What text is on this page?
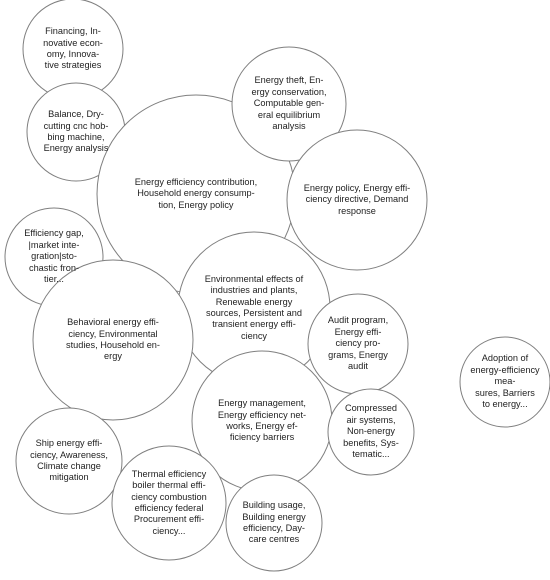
Financing, In-
novative econ-
omy, Innova-
tive strategies
Balance, Dry-
cutting cnc hob-
bing machine,
Energy analysis
Energy efficiency contribution,
Household energy consump-
tion, Energy policy
Energy theft, En-
ergy conservation,
Computable gen-
eral equilibrium
analysis
Energy policy, Energy effi-
ciency directive, Demand
response
Efficiency gap,
|market inte-
gration|sto-
chastic fron-
tier...	Environmental effects of
industries and plants,
Renewable energy
sources, Persistent and
transient energy effi-
ciency
Behavioral energy effi-
ciency, Environmental
studies, Household en-
ergy
Audit program,
Energy effi-
ciency pro-
grams, Energy
audit
Adoption of
energy-efficiency
mea-
sures, Barriers
to energy...
Energy management,
Energy efficiency net-
works, Energy ef-
ficiency barriers
Compressed
air systems,
Non-energy
benefits, Sys-
tematic...
Ship energy effi-
ciency, Awareness,
Climate change
mitigation	Thermal efficiency
boiler thermal effi-
ciency combustion
efficiency federal
Procurement effi-
ciency...
Building usage,
Building energy
efficiency, Day-
care centres
